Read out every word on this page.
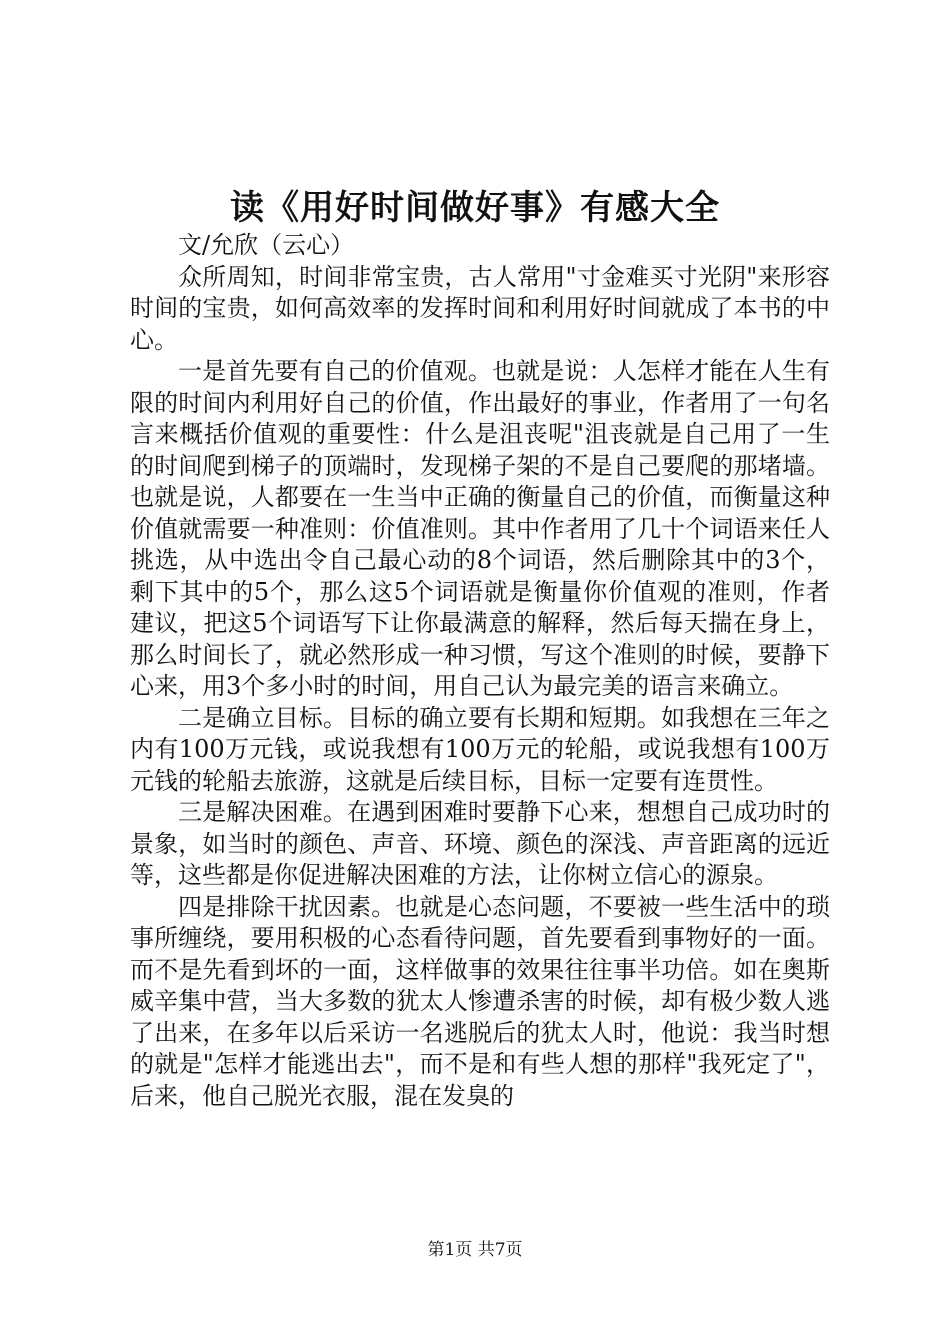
读《用好时间做好事》有感大全

文/允欣（云心）

众所周知，时间非常宝贵，古人常用"寸金难买寸光阴"来形容时间的宝贵，如何高效率的发挥时间和利用好时间就成了本书的中心。

一是首先要有自己的价值观。也就是说：人怎样才能在人生有限的时间内利用好自己的价值，作出最好的事业，作者用了一句名言来概括价值观的重要性：什么是沮丧呢"沮丧就是自己用了一生的时间爬到梯子的顶端时，发现梯子架的不是自己要爬的那堵墙。也就是说，人都要在一生当中正确的衡量自己的价值，而衡量这种价值就需要一种准则：价值准则。其中作者用了几十个词语来任人挑选，从中选出令自己最心动的8个词语，然后删除其中的3个，剩下其中的5个，那么这5个词语就是衡量你价值观的准则，作者建议，把这5个词语写下让你最满意的解释，然后每天揣在身上，那么时间长了，就必然形成一种习惯，写这个准则的时候，要静下心来，用3个多小时的时间，用自己认为最完美的语言来确立。

二是确立目标。目标的确立要有长期和短期。如我想在三年之内有100万元钱，或说我想有100万元的轮船，或说我想有100万元钱的轮船去旅游，这就是后续目标，目标一定要有连贯性。

三是解决困难。在遇到困难时要静下心来，想想自己成功时的景象，如当时的颜色、声音、环境、颜色的深浅、声音距离的远近等，这些都是你促进解决困难的方法，让你树立信心的源泉。

四是排除干扰因素。也就是心态问题，不要被一些生活中的琐事所缠绕，要用积极的心态看待问题，首先要看到事物好的一面。而不是先看到坏的一面，这样做事的效果往往事半功倍。如在奥斯威辛集中营，当大多数的犹太人惨遭杀害的时候，却有极少数人逃了出来，在多年以后采访一名逃脱后的犹太人时，他说：我当时想的就是"怎样才能逃出去"，而不是和有些人想的那样"我死定了"，后来，他自己脱光衣服，混在发臭的

第1页 共7页
